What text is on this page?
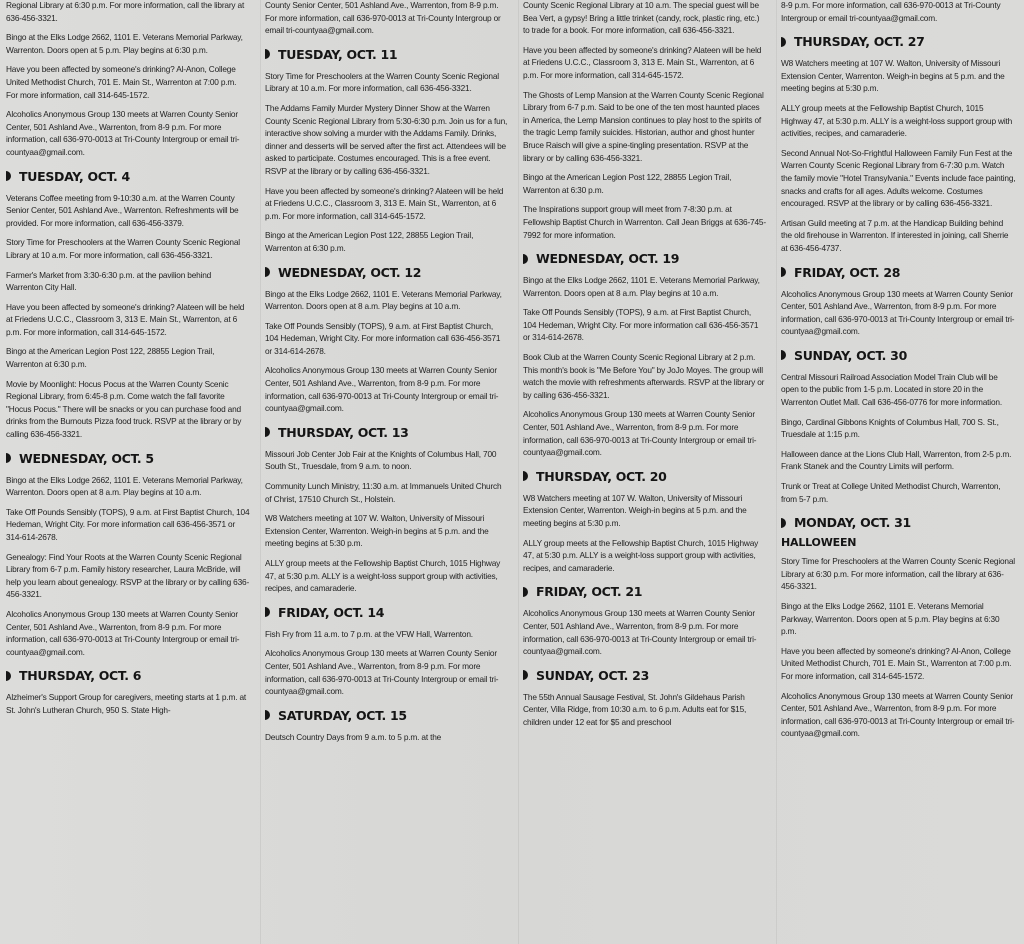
Regional Library at 6:30 p.m. For more information, call the library at 636-456-3321.

Bingo at the Elks Lodge 2662, 1101 E. Veterans Memorial Parkway, Warrenton. Doors open at 5 p.m. Play begins at 6:30 p.m.

Have you been affected by someone's drinking? Al-Anon, College United Methodist Church, 701 E. Main St., Warrenton at 7:00 p.m. For more information, call 314-645-1572.

Alcoholics Anonymous Group 130 meets at Warren County Senior Center, 501 Ashland Ave., Warrenton, from 8-9 p.m. For more information, call 636-970-0013 at Tri-County Intergroup or email tri-countyaa@gmail.com.

TUESDAY, OCT. 4

Veterans Coffee meeting from 9-10:30 a.m. at the Warren County Senior Center, 501 Ashland Ave., Warrenton. Refreshments will be provided. For more information, call 636-456-3379.

Story Time for Preschoolers at the Warren County Scenic Regional Library at 10 a.m. For more information, call 636-456-3321.

Farmer's Market from 3:30-6:30 p.m. at the pavilion behind Warrenton City Hall.

Have you been affected by someone's drinking? Alateen will be held at Friedens U.C.C., Classroom 3, 313 E. Main St., Warrenton, at 6 p.m. For more information, call 314-645-1572.

Bingo at the American Legion Post 122, 28855 Legion Trail, Warrenton at 6:30 p.m.

Movie by Moonlight: Hocus Pocus at the Warren County Scenic Regional Library, from 6:45-8 p.m. Come watch the fall favorite "Hocus Pocus." There will be snacks or you can purchase food and drinks from the Burnouts Pizza food truck. RSVP at the library or by calling 636-456-3321.

WEDNESDAY, OCT. 5

Bingo at the Elks Lodge 2662, 1101 E. Veterans Memorial Parkway, Warrenton. Doors open at 8 a.m. Play begins at 10 a.m.

Take Off Pounds Sensibly (TOPS), 9 a.m. at First Baptist Church, 104 Hedeman, Wright City. For more information call 636-456-3571 or 314-614-2678.

Genealogy: Find Your Roots at the Warren County Scenic Regional Library from 6-7 p.m. Family history researcher, Laura McBride, will help you learn about genealogy. RSVP at the library or by calling 636-456-3321.

Alcoholics Anonymous Group 130 meets at Warren County Senior Center, 501 Ashland Ave., Warrenton, from 8-9 p.m. For more information, call 636-970-0013 at Tri-County Intergroup or email tri-countyaa@gmail.com.

THURSDAY, OCT. 6

Alzheimer's Support Group for caregivers, meeting starts at 1 p.m. at St. John's Lutheran Church, 950 S. State High-

County Senior Center, 501 Ashland Ave., Warrenton, from 8-9 p.m. For more information, call 636-970-0013 at Tri-County Intergroup or email tri-countyaa@gmail.com.

TUESDAY, OCT. 11

Story Time for Preschoolers at the Warren County Scenic Regional Library at 10 a.m. For more information, call 636-456-3321.

The Addams Family Murder Mystery Dinner Show at the Warren County Scenic Regional Library from 5:30-6:30 p.m. Join us for a fun, interactive show solving a murder with the Addams Family. Drinks, dinner and desserts will be served after the first act. Attendees will be asked to participate. Costumes encouraged. This is a free event. RSVP at the library or by calling 636-456-3321.

Have you been affected by someone's drinking? Alateen will be held at Friedens U.C.C., Classroom 3, 313 E. Main St., Warrenton, at 6 p.m. For more information, call 314-645-1572.

Bingo at the American Legion Post 122, 28855 Legion Trail, Warrenton at 6:30 p.m.

WEDNESDAY, OCT. 12

Bingo at the Elks Lodge 2662, 1101 E. Veterans Memorial Parkway, Warrenton. Doors open at 8 a.m. Play begins at 10 a.m.

Take Off Pounds Sensibly (TOPS), 9 a.m. at First Baptist Church, 104 Hedeman, Wright City. For more information call 636-456-3571 or 314-614-2678.

Alcoholics Anonymous Group 130 meets at Warren County Senior Center, 501 Ashland Ave., Warrenton, from 8-9 p.m. For more information, call 636-970-0013 at Tri-County Intergroup or email tri-countyaa@gmail.com.

THURSDAY, OCT. 13

Missouri Job Center Job Fair at the Knights of Columbus Hall, 700 South St., Truesdale, from 9 a.m. to noon.

Community Lunch Ministry, 11:30 a.m. at Immanuels United Church of Christ, 17510 Church St., Holstein.

W8 Watchers meeting at 107 W. Walton, University of Missouri Extension Center, Warrenton. Weigh-in begins at 5 p.m. and the meeting begins at 5:30 p.m.

ALLY group meets at the Fellowship Baptist Church, 1015 Highway 47, at 5:30 p.m. ALLY is a weight-loss support group with activities, recipes, and camaraderie.

FRIDAY, OCT. 14

Fish Fry from 11 a.m. to 7 p.m. at the VFW Hall, Warrenton.

Alcoholics Anonymous Group 130 meets at Warren County Senior Center, 501 Ashland Ave., Warrenton, from 8-9 p.m. For more information, call 636-970-0013 at Tri-County Intergroup or email tri-countyaa@gmail.com.

SATURDAY, OCT. 15

Deutsch Country Days from 9 a.m. to 5 p.m. at the

County Scenic Regional Library at 10 a.m. The special guest will be Bea Vert, a gypsy! Bring a little trinket (candy, rock, plastic ring, etc.) to trade for a book. For more information, call 636-456-3321.

Have you been affected by someone's drinking? Alateen will be held at Friedens U.C.C., Classroom 3, 313 E. Main St., Warrenton, at 6 p.m. For more information, call 314-645-1572.

The Ghosts of Lemp Mansion at the Warren County Scenic Regional Library from 6-7 p.m. Said to be one of the ten most haunted places in America, the Lemp Mansion continues to play host to the spirits of the tragic Lemp family suicides. Historian, author and ghost hunter Bruce Raisch will give a spine-tingling presentation. RSVP at the library or by calling 636-456-3321.

Bingo at the American Legion Post 122, 28855 Legion Trail, Warrenton at 6:30 p.m.

The Inspirations support group will meet from 7-8:30 p.m. at Fellowship Baptist Church in Warrenton. Call Jean Briggs at 636-745-7992 for more information.

WEDNESDAY, OCT. 19

Bingo at the Elks Lodge 2662, 1101 E. Veterans Memorial Parkway, Warrenton. Doors open at 8 a.m. Play begins at 10 a.m.

Take Off Pounds Sensibly (TOPS), 9 a.m. at First Baptist Church, 104 Hedeman, Wright City. For more information call 636-456-3571 or 314-614-2678.

Book Club at the Warren County Scenic Regional Library at 2 p.m. This month's book is "Me Before You" by JoJo Moyes. The group will watch the movie with refreshments afterwards. RSVP at the library or by calling 636-456-3321.

Alcoholics Anonymous Group 130 meets at Warren County Senior Center, 501 Ashland Ave., Warrenton, from 8-9 p.m. For more information, call 636-970-0013 at Tri-County Intergroup or email tri-countyaa@gmail.com.

THURSDAY, OCT. 20

W8 Watchers meeting at 107 W. Walton, University of Missouri Extension Center, Warrenton. Weigh-in begins at 5 p.m. and the meeting begins at 5:30 p.m.

ALLY group meets at the Fellowship Baptist Church, 1015 Highway 47, at 5:30 p.m. ALLY is a weight-loss support group with activities, recipes, and camaraderie.

FRIDAY, OCT. 21

Alcoholics Anonymous Group 130 meets at Warren County Senior Center, 501 Ashland Ave., Warrenton, from 8-9 p.m. For more information, call 636-970-0013 at Tri-County Intergroup or email tri-countyaa@gmail.com.

SUNDAY, OCT. 23

The 55th Annual Sausage Festival, St. John's Gildehaus Parish Center, Villa Ridge, from 10:30 a.m. to 6 p.m. Adults eat for $15, children under 12 eat for $5 and preschool

8-9 p.m. For more information, call 636-970-0013 at Tri-County Intergroup or email tri-countyaa@gmail.com.

THURSDAY, OCT. 27

W8 Watchers meeting at 107 W. Walton, University of Missouri Extension Center, Warrenton. Weigh-in begins at 5 p.m. and the meeting begins at 5:30 p.m.

ALLY group meets at the Fellowship Baptist Church, 1015 Highway 47, at 5:30 p.m. ALLY is a weight-loss support group with activities, recipes, and camaraderie.

Second Annual Not-So-Frightful Halloween Family Fun Fest at the Warren County Scenic Regional Library from 6-7:30 p.m. Watch the family movie "Hotel Transylvania." Events include face painting, snacks and crafts for all ages. Adults welcome. Costumes encouraged. RSVP at the library or by calling 636-456-3321.

Artisan Guild meeting at 7 p.m. at the Handicap Building behind the old firehouse in Warrenton. If interested in joining, call Sherrie at 636-456-4737.

FRIDAY, OCT. 28

Alcoholics Anonymous Group 130 meets at Warren County Senior Center, 501 Ashland Ave., Warrenton, from 8-9 p.m. For more information, call 636-970-0013 at Tri-County Intergroup or email tri-countyaa@gmail.com.

SUNDAY, OCT. 30

Central Missouri Railroad Association Model Train Club will be open to the public from 1-5 p.m. Located in store 20 in the Warrenton Outlet Mall. Call 636-456-0776 for more information.

Bingo, Cardinal Gibbons Knights of Columbus Hall, 700 S. St., Truesdale at 1:15 p.m.

Halloween dance at the Lions Club Hall, Warrenton, from 2-5 p.m. Frank Stanek and the Country Limits will perform.

Trunk or Treat at College United Methodist Church, Warrenton, from 5-7 p.m.

MONDAY, OCT. 31
HALLOWEEN

Story Time for Preschoolers at the Warren County Scenic Regional Library at 6:30 p.m. For more information, call the library at 636-456-3321.

Bingo at the Elks Lodge 2662, 1101 E. Veterans Memorial Parkway, Warrenton. Doors open at 5 p.m. Play begins at 6:30 p.m.

Have you been affected by someone's drinking? Al-Anon, College United Methodist Church, 701 E. Main St., Warrenton at 7:00 p.m. For more information, call 314-645-1572.

Alcoholics Anonymous Group 130 meets at Warren County Senior Center, 501 Ashland Ave., Warrenton, from 8-9 p.m. For more information, call 636-970-0013 at Tri-County Intergroup or email tri-countyaa@gmail.com.
